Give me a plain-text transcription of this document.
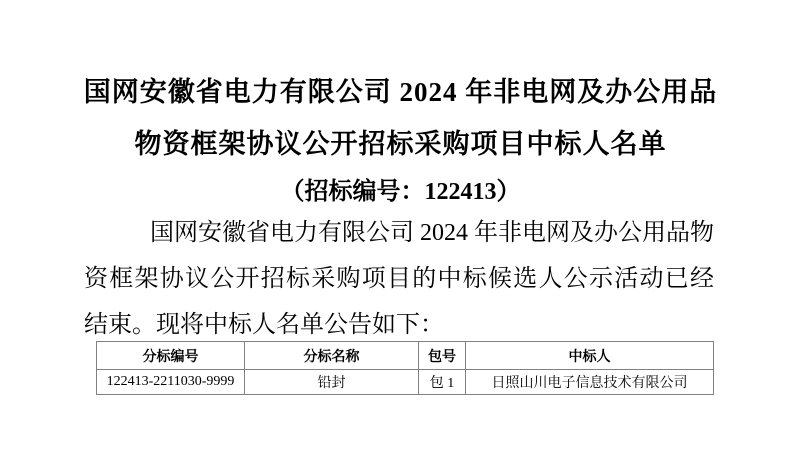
国网安徽省电力有限公司 2024 年非电网及办公用品
物资框架协议公开招标采购项目中标人名单
（招标编号：122413）

国网安徽省电力有限公司 2024 年非电网及办公用品物

资框架协议公开招标采购项目的中标候选人公示活动已经

结束。现将中标人名单公告如下：

分标编号	分标名称	包号	中标人
122413-2211030-9999	铅封	包 1	日照山川电子信息技术有限公司
